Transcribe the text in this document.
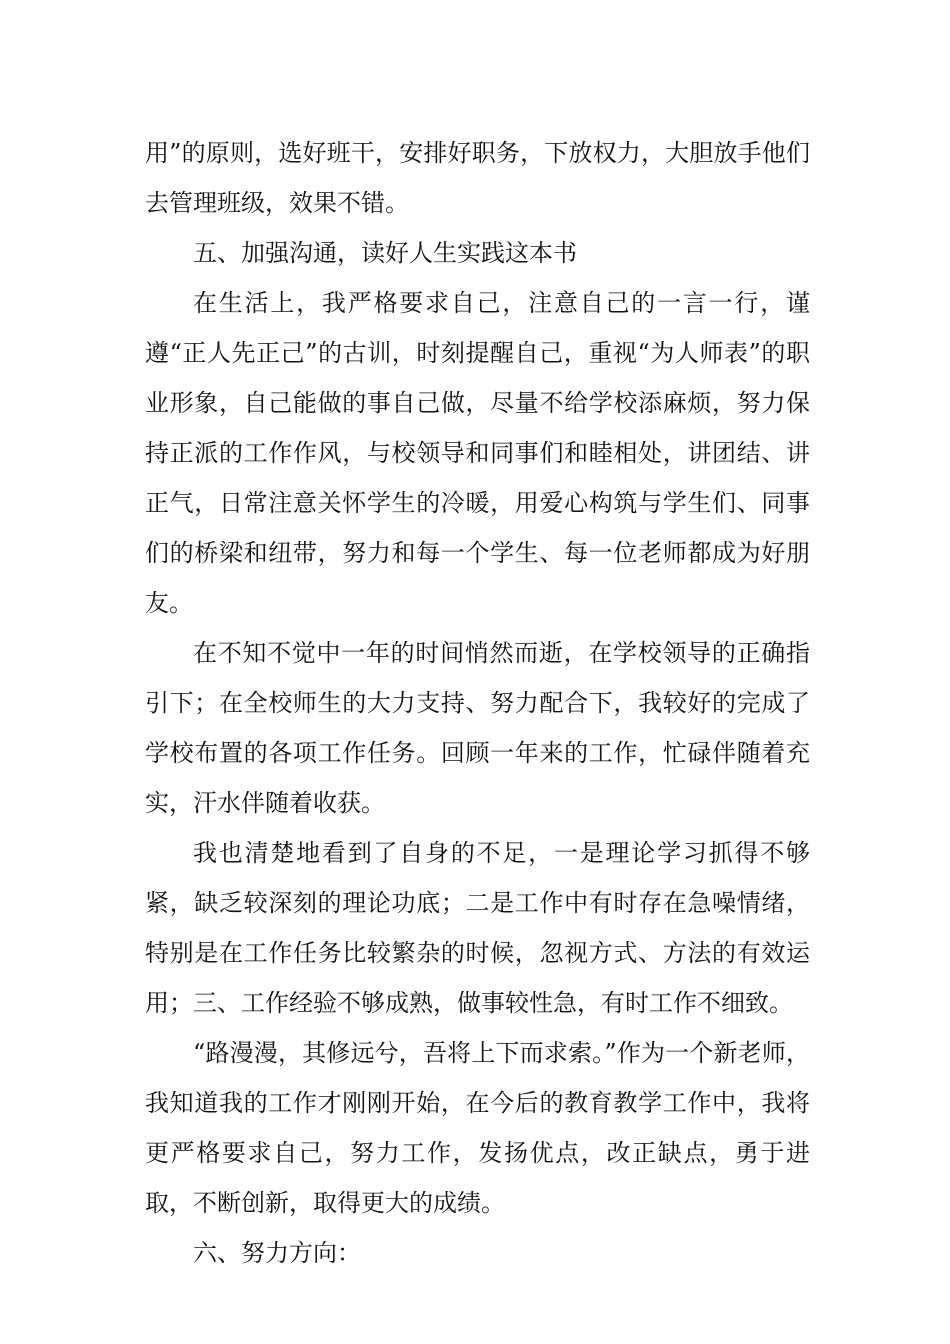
用”的原则，选好班干，安排好职务，下放权力，大胆放手他们去管理班级，效果不错。

五、加强沟通，读好人生实践这本书

在生活上，我严格要求自己，注意自己的一言一行，谨遵“正人先正己”的古训，时刻提醒自己，重视“为人师表”的职业形象，自己能做的事自己做，尽量不给学校添麻烦，努力保持正派的工作作风，与校领导和同事们和睦相处，讲团结、讲正气，日常注意关怀学生的冷暖，用爱心构筑与学生们、同事们的桥梁和纽带，努力和每一个学生、每一位老师都成为好朋友。

在不知不觉中一年的时间悄然而逝，在学校领导的正确指引下；在全校师生的大力支持、努力配合下，我较好的完成了学校布置的各项工作任务。回顾一年来的工作，忙碌伴随着充实，汗水伴随着收获。

我也清楚地看到了自身的不足，一是理论学习抓得不够紧，缺乏较深刻的理论功底；二是工作中有时存在急噪情绪，特别是在工作任务比较繁杂的时候，忽视方式、方法的有效运用；三、工作经验不够成熟，做事较性急，有时工作不细致。

“路漫漫，其修远兮，吾将上下而求索。”作为一个新老师，我知道我的工作才刚刚开始，在今后的教育教学工作中，我将更严格要求自己，努力工作，发扬优点，改正缺点，勇于进取，不断创新，取得更大的成绩。

六、努力方向：
